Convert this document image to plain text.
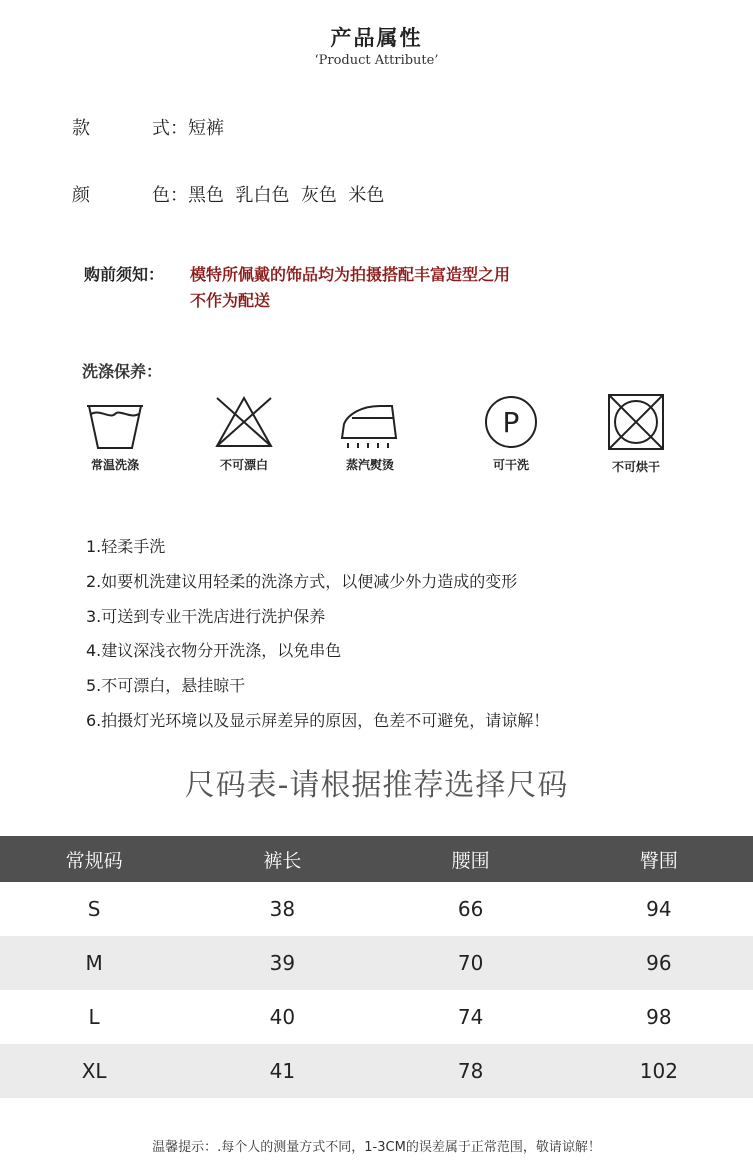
产品属性
‘Product Attribute’
款	式：短裤
颜	色：黑色  乳白色  灰色  米色
购前须知： 模特所佩戴的饰品均为拍摄搭配丰富造型之用
不作为配送
洗涤保养：
常温洗涤	不可漂白	蒸汽熨烫
P
可干洗	不可烘干
1.轻柔手洗
2.如要机洗建议用轻柔的洗涤方式，以便减少外力造成的变形
3.可送到专业干洗店进行洗护保养
4.建议深浅衣物分开洗涤，以免串色
5.不可漂白，悬挂晾干
6.拍摄灯光环境以及显示屏差异的原因，色差不可避免，请谅解！
尺码表-请根据推荐选择尺码
常规码	裤长	腰围	臀围
S	38	66	94
M	39	70	96
L	40	74	98
XL	41	78	102
温馨提示：.每个人的测量方式不同，1-3CM的误差属于正常范围，敬请谅解！
